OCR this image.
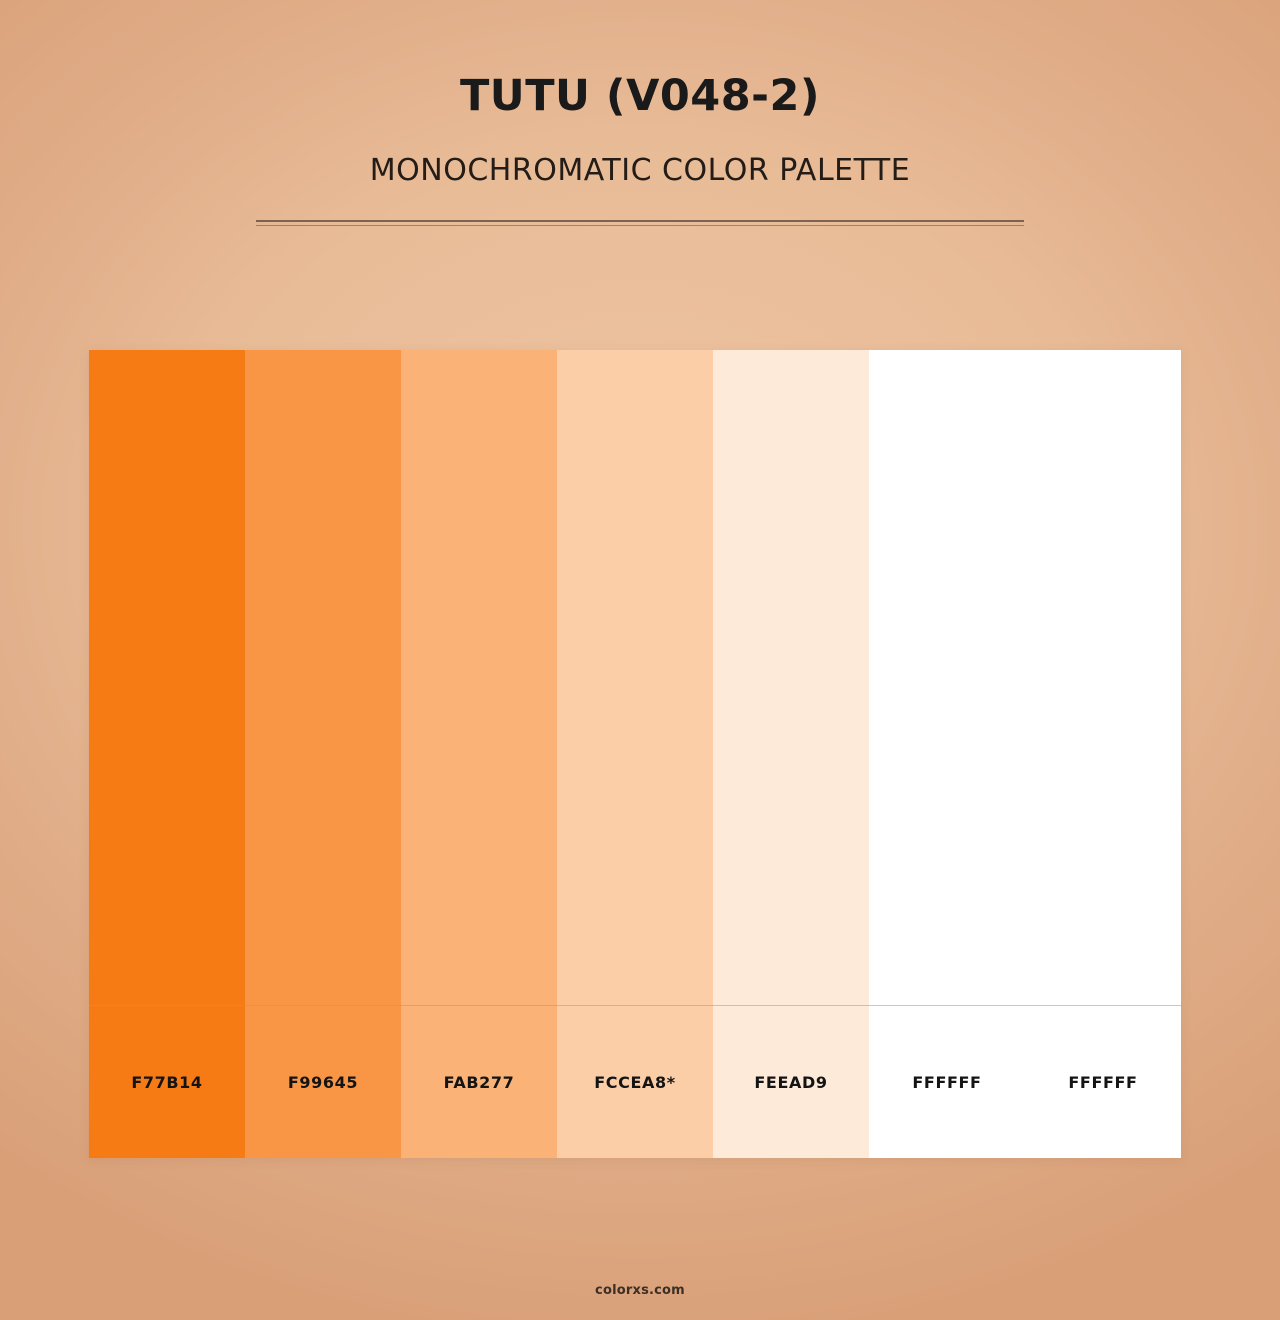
TUTU (V048-2)
MONOCHROMATIC COLOR PALETTE
F77B14	F99645	FAB277	FCCEA8*	FEEAD9	FFFFFF	FFFFFF
colorxs.com
